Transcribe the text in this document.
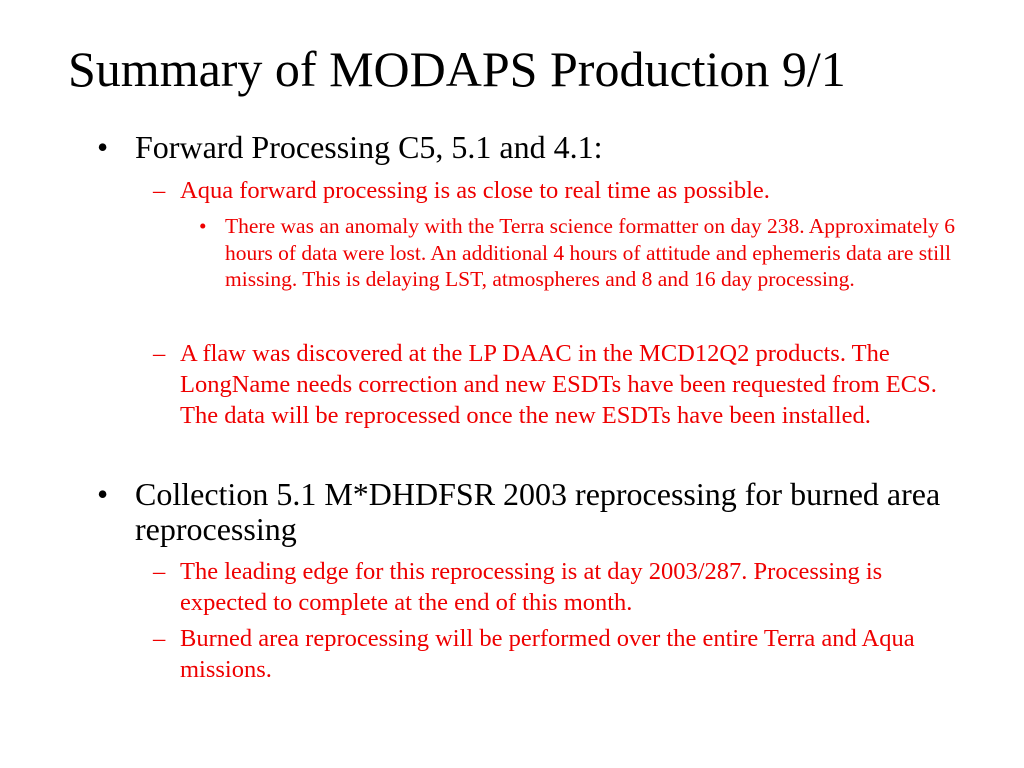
Summary of MODAPS Production 9/1
• Forward Processing C5, 5.1 and 4.1:
– Aqua forward processing is as close to real time as possible.
• There was an anomaly with the Terra science formatter on day 238. Approximately 6 hours of data were lost. An additional 4 hours of attitude and ephemeris data are still missing. This is delaying LST, atmospheres and 8 and 16 day processing.
– A flaw was discovered at the LP DAAC in the MCD12Q2 products. The LongName needs correction and new ESDTs have been requested from ECS. The data will be reprocessed once the new ESDTs have been installed.
• Collection 5.1 M*DHDFSR 2003 reprocessing for burned area reprocessing
– The leading edge for this reprocessing is at day 2003/287. Processing is expected to complete at the end of this month.
– Burned area reprocessing will be performed over the entire Terra and Aqua missions.
